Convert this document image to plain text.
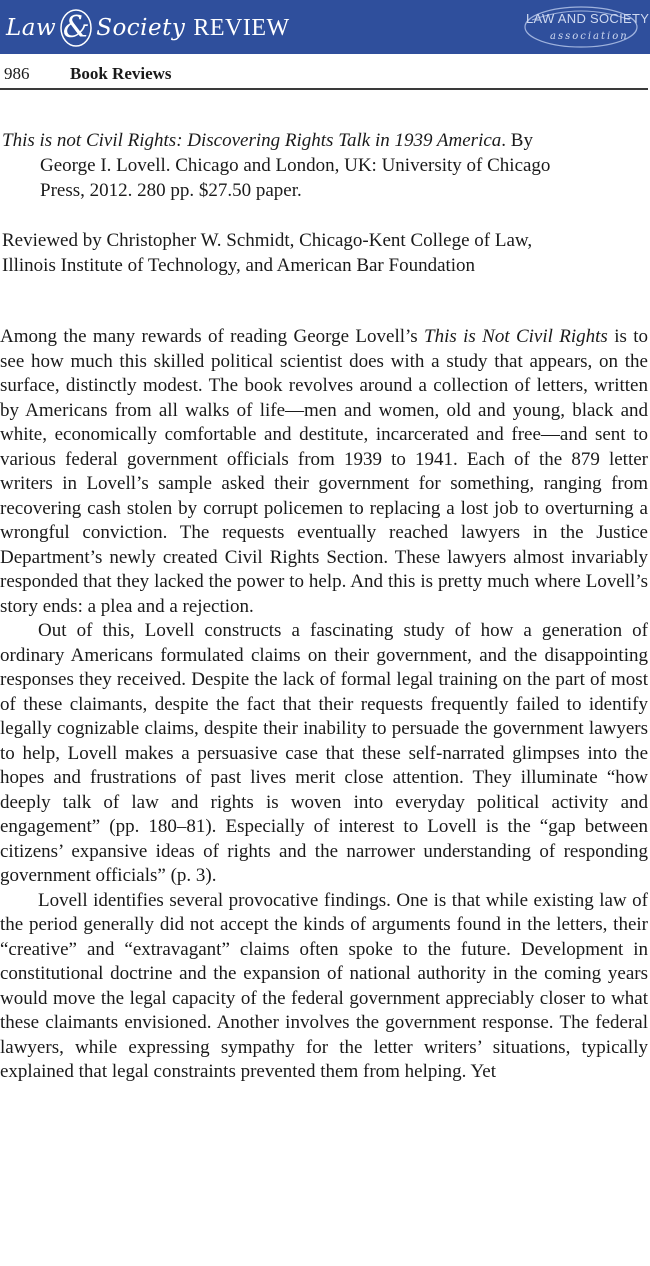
Law & Society REVIEW	LAW AND SOCIETY
association
986 Book Reviews
This is not Civil Rights: Discovering Rights Talk in 1939 America. By
George I. Lovell. Chicago and London, UK: University of Chicago
Press, 2012. 280 pp. $27.50 paper.
Reviewed by Christopher W. Schmidt, Chicago-Kent College of Law,
Illinois Institute of Technology, and American Bar Foundation

Among the many rewards of reading George Lovell’s This is Not Civil Rights is to see how much this skilled political scientist does with a study that appears, on the surface, distinctly modest. The book revolves around a collection of letters, written by Americans from all walks of life—men and women, old and young, black and white, economically comfortable and destitute, incarcerated and free—and sent to various federal government officials from 1939 to 1941. Each of the 879 letter writers in Lovell’s sample asked their government for something, ranging from recovering cash stolen by corrupt policemen to replacing a lost job to overturning a wrongful conviction. The requests eventually reached lawyers in the Justice Department’s newly created Civil Rights Section. These lawyers almost invariably responded that they lacked the power to help. And this is pretty much where Lovell’s story ends: a plea and a rejection.

Out of this, Lovell constructs a fascinating study of how a generation of ordinary Americans formulated claims on their government, and the disappointing responses they received. Despite the lack of formal legal training on the part of most of these claimants, despite the fact that their requests frequently failed to identify legally cognizable claims, despite their inability to persuade the government lawyers to help, Lovell makes a persuasive case that these self-narrated glimpses into the hopes and frustrations of past lives merit close attention. They illuminate “how deeply talk of law and rights is woven into everyday political activity and engagement” (pp. 180–81). Especially of interest to Lovell is the “gap between citizens’ expansive ideas of rights and the narrower understanding of responding government officials” (p. 3).

Lovell identifies several provocative findings. One is that while existing law of the period generally did not accept the kinds of arguments found in the letters, their “creative” and “extravagant” claims often spoke to the future. Development in constitutional doctrine and the expansion of national authority in the coming years would move the legal capacity of the federal government appreciably closer to what these claimants envisioned. Another involves the government response. The federal lawyers, while expressing sympathy for the letter writers’ situations, typically explained that legal constraints prevented them from helping. Yet
